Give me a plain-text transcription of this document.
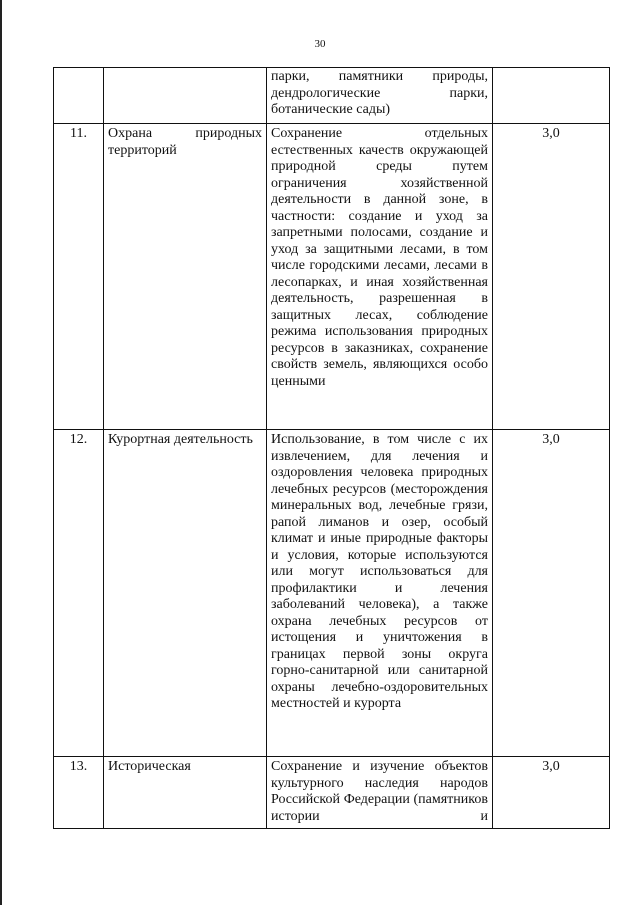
30
		парки, памятники природы, дендрологические парки, ботанические сады)	
11.	Охрана природных территорий	Сохранение отдельных естественных качеств окружающей природной среды путем ограничения хозяйственной деятельности в данной зоне, в частности: создание и уход за запретными полосами, создание и уход за защитными лесами, в том числе городскими лесами, лесами в лесопарках, и иная хозяйственная деятельность, разрешенная в защитных лесах, соблюдение режима использования природных ресурсов в заказниках, сохранение свойств земель, являющихся особо ценными	3,0
12.	Курортная деятельность	Использование, в том числе с их извлечением, для лечения и оздоровления человека природных лечебных ресурсов (месторождения минеральных вод, лечебные грязи, рапой лиманов и озер, особый климат и иные природные факторы и условия, которые используются или могут использоваться для профилактики и лечения заболеваний человека), а также охрана лечебных ресурсов от истощения и уничтожения в границах первой зоны округа горно-санитарной или санитарной охраны лечебно-оздоровительных местностей и курорта	3,0
13.	Историческая	Сохранение и изучение объектов культурного наследия народов Российской Федерации (памятников истории и	3,0
